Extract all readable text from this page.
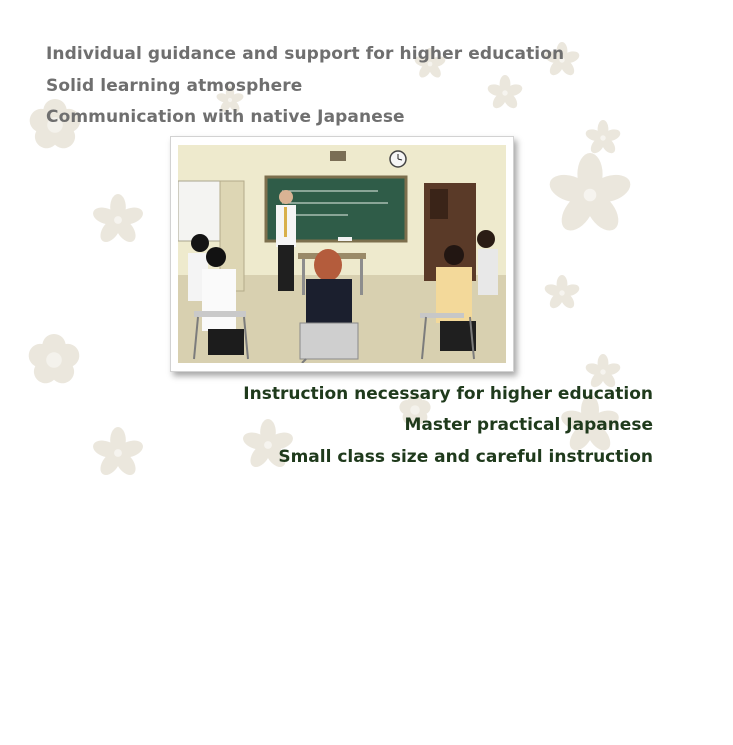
Individual guidance and support for higher education
Solid learning atmosphere
Communication with native Japanese
Instruction necessary for higher education
Master practical Japanese
Small class size and careful instruction
